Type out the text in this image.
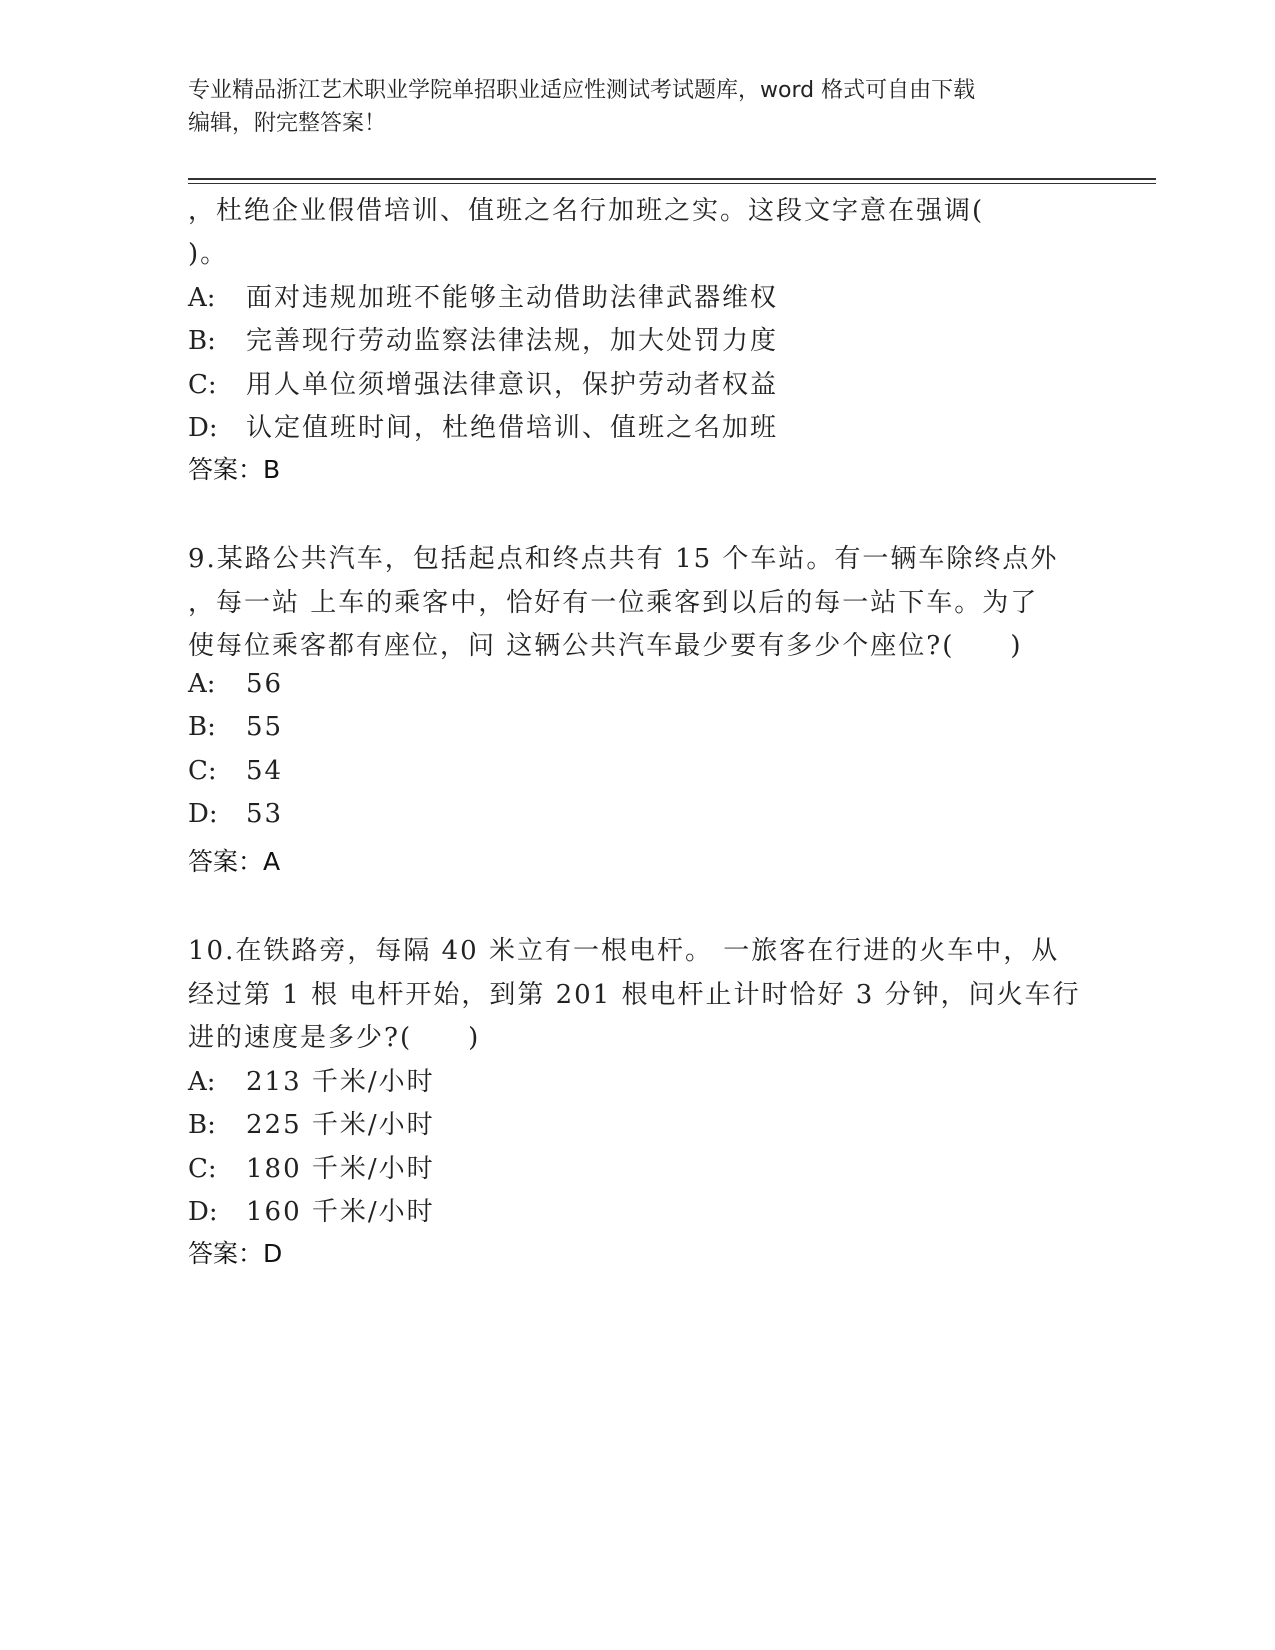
专业精品浙江艺术职业学院单招职业适应性测试考试题库，word 格式可自由下载
编辑，附完整答案！
，杜绝企业假借培训、值班之名行加班之实。这段文字意在强调(
)。
A: 面对违规加班不能够主动借助法律武器维权
B: 完善现行劳动监察法律法规，加大处罚力度
C: 用人单位须增强法律意识，保护劳动者权益
D: 认定值班时间，杜绝借培训、值班之名加班
答案：B
9.某路公共汽车，包括起点和终点共有 15 个车站。有一辆车除终点外
，每一站 上车的乘客中，恰好有一位乘客到以后的每一站下车。为了
使每位乘客都有座位，问 这辆公共汽车最少要有多少个座位?(　　)
A: 56
B: 55
C: 54
D: 53
答案：A
10.在铁路旁，每隔 40 米立有一根电杆。 一旅客在行进的火车中，从
经过第 1 根 电杆开始，到第 201 根电杆止计时恰好 3 分钟，问火车行
进的速度是多少?(　　)
A: 213 千米/小时
B: 225 千米/小时
C: 180 千米/小时
D: 160 千米/小时
答案：D
